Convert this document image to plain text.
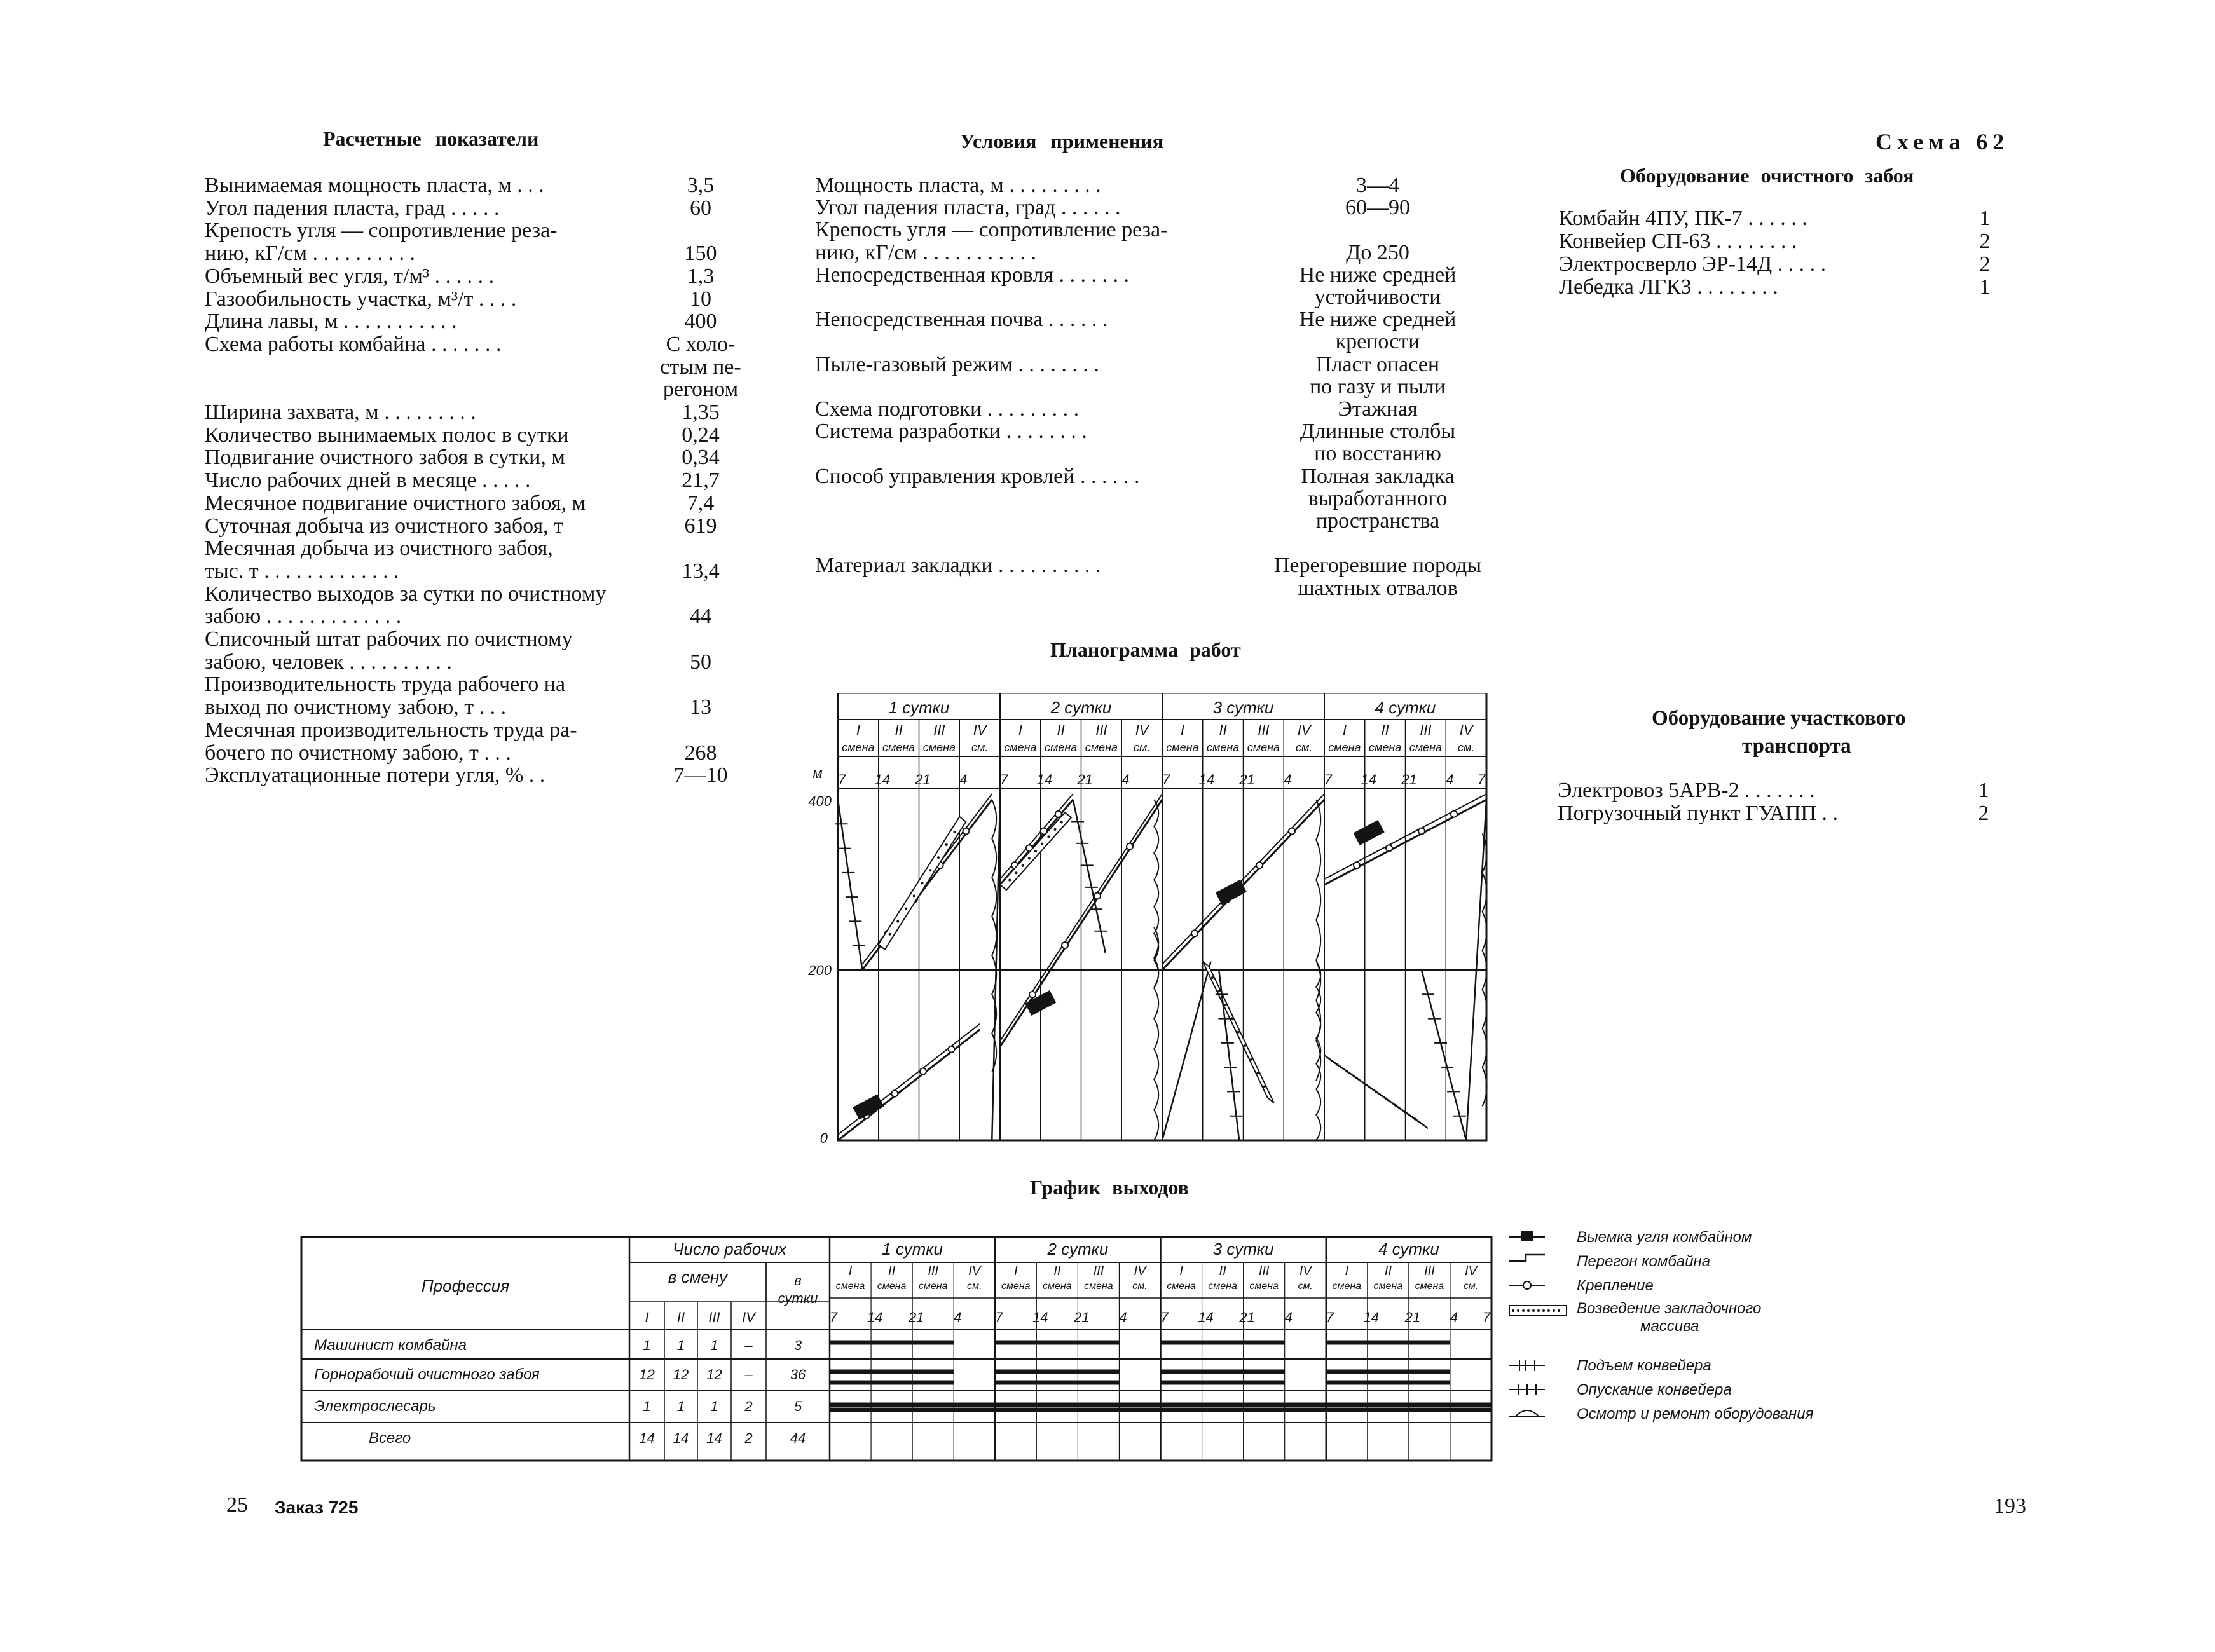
Расчетные показатели	Условия применения	Схема 62
Оборудование очистного забоя
Вынимаемая мощность пласта, м . . .	3,5
Угол падения пласта, град . . . . .	60
Крепость угля — сопротивление реза-
нию, кГ/см . . . . . . . . . .	150
Объемный вес угля, т/м³ . . . . . .	1,3
Газообильность участка, м³/т . . . .	10
Длина лавы, м . . . . . . . . . . .	400
Схема работы комбайна . . . . . . .	С холо-
стым пе-
регоном
Ширина захвата, м . . . . . . . . .	1,35
Количество вынимаемых полос в сутки	0,24
Подвигание очистного забоя в сутки, м	0,34
Число рабочих дней в месяце . . . . .	21,7
Месячное подвигание очистного забоя, м	7,4
Суточная добыча из очистного забоя, т	619
Месячная добыча из очистного забоя,
тыс. т . . . . . . . . . . . . .	13,4
Количество выходов за сутки по очистному
забою . . . . . . . . . . . . .	44
Списочный штат рабочих по очистному
забою, человек . . . . . . . . . .	50
Производительность труда рабочего на
выход по очистному забою, т . . .	13
Месячная производительность труда ра-
бочего по очистному забою, т . . .	268
Эксплуатационные потери угля, % . .	7—10
Мощность пласта, м . . . . . . . . .	3—4
Угол падения пласта, град . . . . . .	60—90
Крепость угля — сопротивление реза-
нию, кГ/см . . . . . . . . . . .	До 250
Непосредственная кровля . . . . . . .	Не ниже средней
устойчивости
Непосредственная почва . . . . . .	Не ниже средней
крепости
Пыле-газовый режим . . . . . . . .	Пласт опасен
по газу и пыли
Схема подготовки . . . . . . . . .	Этажная
Система разработки . . . . . . . .	Длинные столбы
по восстанию
Способ управления кровлей . . . . . .	Полная закладка
выработанного
пространства
Материал закладки . . . . . . . . . .	Перегоревшие породы
шахтных отвалов
Комбайн 4ПУ, ПК-7 . . . . . .	1
Конвейер СП-63 . . . . . . . .	2
Электросверло ЭР-14Д . . . . .	2
Лебедка ЛГКЗ . . . . . . . .	1
Оборудование участкового
транспорта
Электровоз 5АРВ-2 . . . . . . .	1
Погрузочный пункт ГУАПП . .	2
Планограмма работ
1 сутки
I
смена
II
смена
III
смена
IV
см.
2 сутки
I
смена
II
смена
III
смена
IV
см.
3 сутки
I
смена
II
смена
III
смена
IV
см.
4 сутки
I
смена
II
смена
III
смена
IV
см.
7 14 21 4 7 14 21 4 7 14 21 4 7 14 21 4 7
м
400
200
0
График выходов
1 сутки
I
смена
II
смена
III
смена
IV
см.
2 сутки
I
смена
II
смена
III
смена
IV
см.
3 сутки
I
смена
II
смена
III
смена
IV
см.
4 сутки
I
смена
II
смена
III
смена
IV
см.
Профессия
Число рабочих
в смену	в
сутки
I II III IV	7 14 21 4 7 14 21 4 7 14 21 4 7 14 21 4 7
Машинист комбайна	1 1 1 –	3
Горнорабочий очистного забоя	12 12 12 –	36
Электрослесарь	1 1 1 2	5
Всего	14 14 14 2	44
Выемка угля комбайном
Перегон комбайна
Крепление
Возведение закладочного
массива
Подъем конвейера
Опускание конвейера
Осмотр и ремонт оборудования
25 Заказ 725	193
